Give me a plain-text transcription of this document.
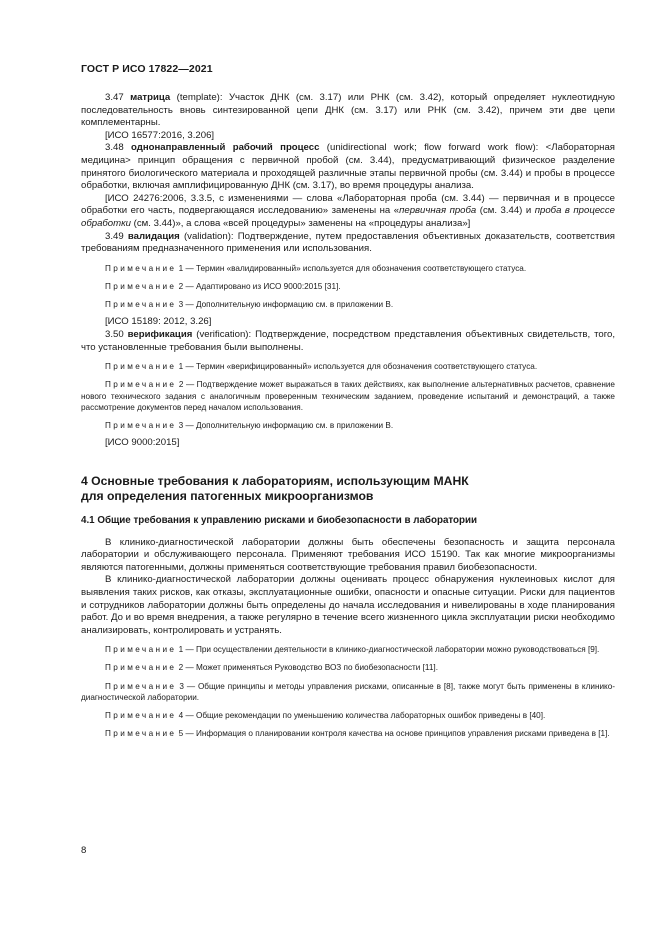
ГОСТ Р ИСО 17822—2021

3.47 матрица (template): Участок ДНК (см. 3.17) или РНК (см. 3.42), который определяет нуклеотидную последовательность вновь синтезированной цепи ДНК (см. 3.17) или РНК (см. 3.42), причем эти две цепи комплементарны.

[ИСО 16577:2016, 3.206]

3.48 однонаправленный рабочий процесс (unidirectional work; flow forward work flow): <Лабораторная медицина> принцип обращения с первичной пробой (см. 3.44), предусматривающий физическое разделение принятого биологического материала и проходящей различные этапы первичной пробы (см. 3.44) и пробы в процессе обработки, включая амплифицированную ДНК (см. 3.17), во время процедуры анализа.

[ИСО 24276:2006, 3.3.5, с изменениями — слова «Лабораторная проба (см. 3.44) — первичная и в процессе обработки его часть, подвергающаяся исследованию» заменены на «первичная проба (см. 3.44) и проба в процессе обработки (см. 3.44)», а слова «всей процедуры» заменены на «процедуры анализа»]

3.49 валидация (validation): Подтверждение, путем предоставления объективных доказательств, соответствия требованиям предназначенного применения или использования.

Примечание 1 — Термин «валидированный» используется для обозначения соответствующего статуса.

Примечание 2 — Адаптировано из ИСО 9000:2015 [31].

Примечание 3 — Дополнительную информацию см. в приложении В.

[ИСО 15189: 2012, 3.26]

3.50 верификация (verification): Подтверждение, посредством представления объективных свидетельств, того, что установленные требования были выполнены.

Примечание 1 — Термин «верифицированный» используется для обозначения соответствующего статуса.

Примечание 2 — Подтверждение может выражаться в таких действиях, как выполнение альтернативных расчетов, сравнение нового технического задания с аналогичным проверенным техническим заданием, проведение испытаний и демонстраций, а также рассмотрение документов перед началом использования.

Примечание 3 — Дополнительную информацию см. в приложении В.

[ИСО 9000:2015]

4 Основные требования к лабораториям, использующим МАНК
для определения патогенных микроорганизмов
4.1 Общие требования к управлению рисками и биобезопасности в лаборатории

В клинико-диагностической лаборатории должны быть обеспечены безопасность и защита персонала лаборатории и обслуживающего персонала. Применяют требования ИСО 15190. Так как многие микроорганизмы являются патогенными, должны применяться соответствующие требования правил биобезопасности.

В клинико-диагностической лаборатории должны оценивать процесс обнаружения нуклеиновых кислот для выявления таких рисков, как отказы, эксплуатационные ошибки, опасности и опасные ситуации. Риски для пациентов и сотрудников лаборатории должны быть определены до начала исследования и нивелированы в ходе планирования работ. До и во время внедрения, а также регулярно в течение всего жизненного цикла эксплуатации риски необходимо анализировать, контролировать и устранять.

Примечание 1 — При осуществлении деятельности в клинико-диагностической лаборатории можно руководствоваться [9].

Примечание 2 — Может применяться Руководство ВОЗ по биобезопасности [11].

Примечание 3 — Общие принципы и методы управления рисками, описанные в [8], также могут быть применены в клинико-диагностической лаборатории.

Примечание 4 — Общие рекомендации по уменьшению количества лабораторных ошибок приведены в [40].

Примечание 5 — Информация о планировании контроля качества на основе принципов управления рисками приведена в [1].

8
